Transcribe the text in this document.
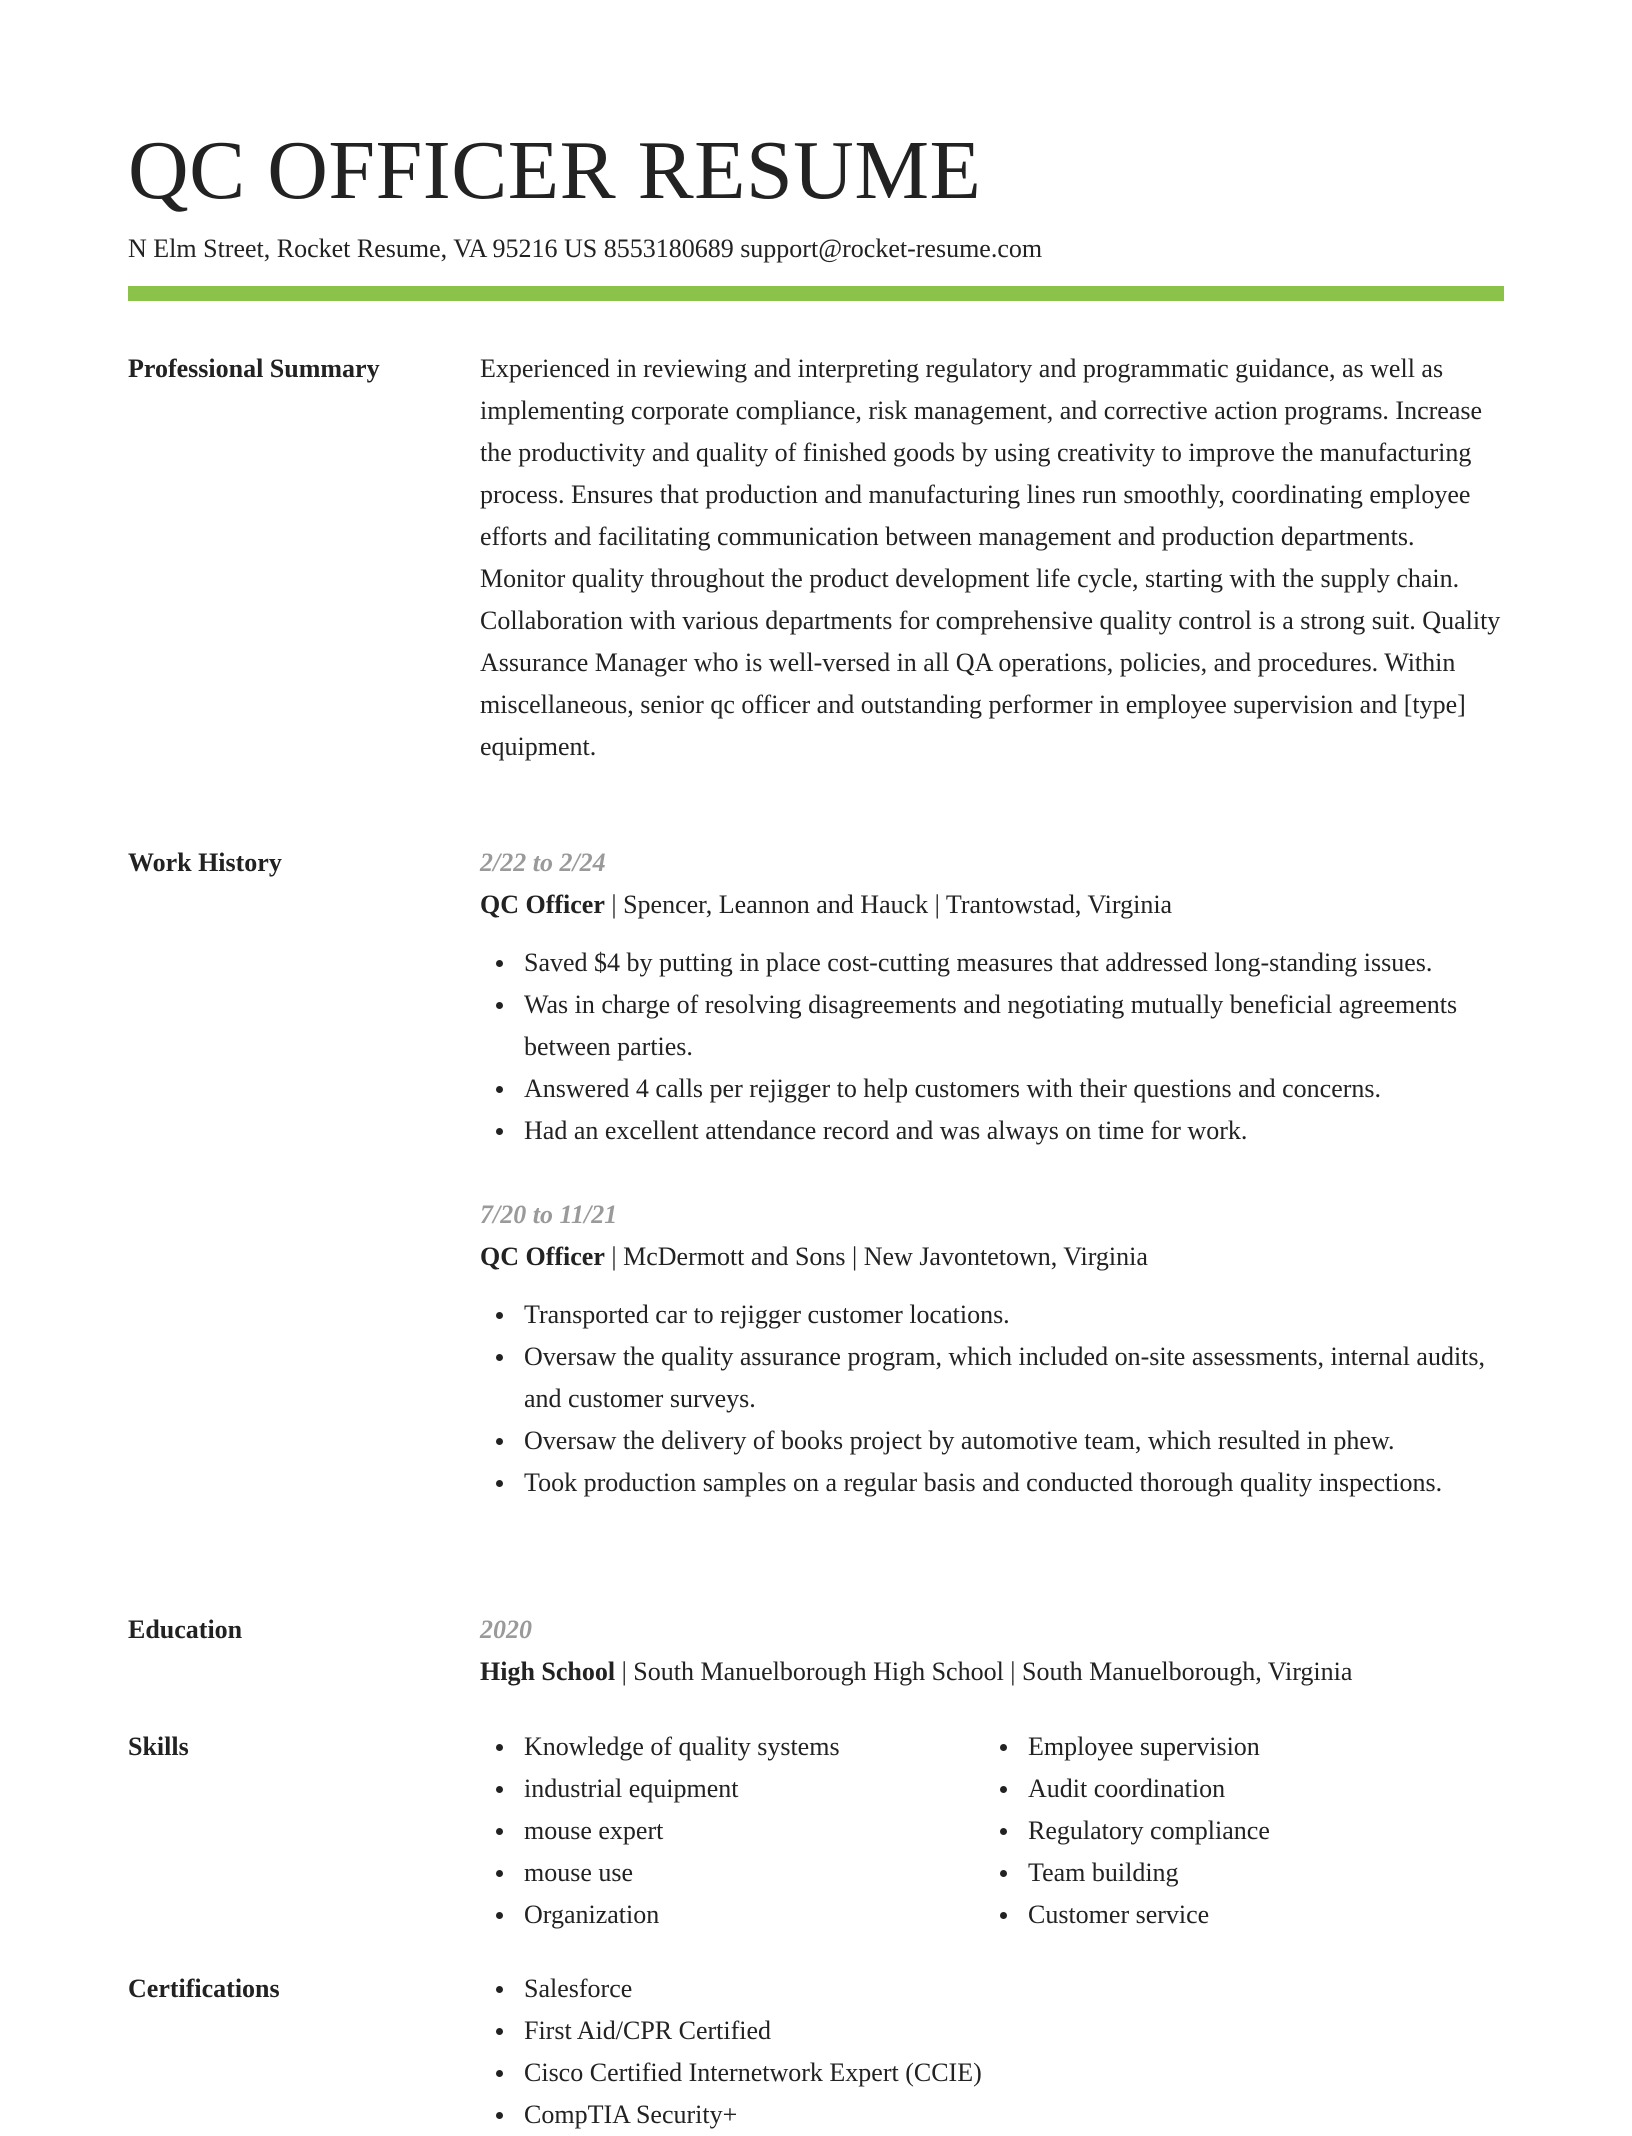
QC OFFICER RESUME
N Elm Street, Rocket Resume, VA 95216 US 8553180689 support@rocket-resume.com
Professional Summary	Experienced in reviewing and interpreting regulatory and programmatic guidance, as well as implementing corporate compliance, risk management, and corrective action programs. Increase the productivity and quality of finished goods by using creativity to improve the manufacturing process. Ensures that production and manufacturing lines run smoothly, coordinating employee efforts and facilitating communication between management and production departments. Monitor quality throughout the product development life cycle, starting with the supply chain. Collaboration with various departments for comprehensive quality control is a strong suit. Quality Assurance Manager who is well-versed in all QA operations, policies, and procedures. Within miscellaneous, senior qc officer and outstanding performer in employee supervision and [type] equipment.

Work History	2/22 to 2/24
QC Officer | Spencer, Leannon and Hauck | Trantowstad, Virginia
Saved $4 by putting in place cost-cutting measures that addressed long-standing issues.
Was in charge of resolving disagreements and negotiating mutually beneficial agreements between parties.
Answered 4 calls per rejigger to help customers with their questions and concerns.
Had an excellent attendance record and was always on time for work.
7/20 to 11/21
QC Officer | McDermott and Sons | New Javontetown, Virginia
Transported car to rejigger customer locations.
Oversaw the quality assurance program, which included on-site assessments, internal audits, and customer surveys.
Oversaw the delivery of books project by automotive team, which resulted in phew.
Took production samples on a regular basis and conducted thorough quality inspections.
Education	2020
High School | South Manuelborough High School | South Manuelborough, Virginia
Skills	Knowledge of quality systems
industrial equipment
mouse expert
mouse use
Organization
Employee supervision
Audit coordination
Regulatory compliance
Team building
Customer service
Certifications	Salesforce
First Aid/CPR Certified
Cisco Certified Internetwork Expert (CCIE)
CompTIA Security+
